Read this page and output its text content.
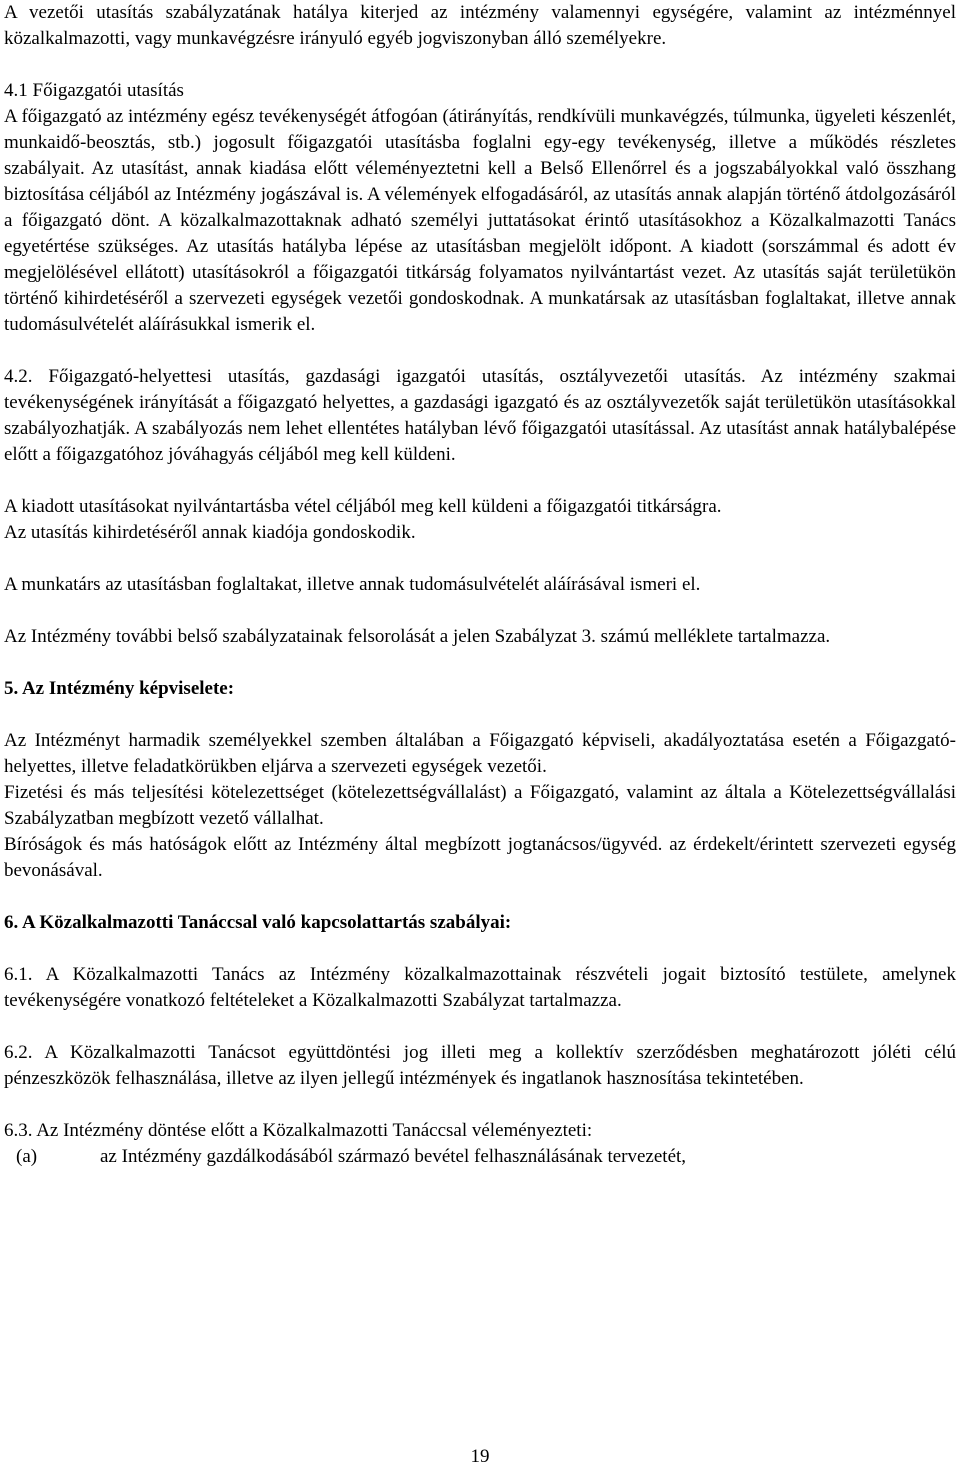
A vezetői utasítás szabályzatának hatálya kiterjed az intézmény valamennyi egységére, valamint az intézménnyel közalkalmazotti, vagy munkavégzésre irányuló egyéb jogviszonyban álló személyekre.

4.1 Főigazgatói utasítás

A főigazgató az intézmény egész tevékenységét átfogóan (átirányítás, rendkívüli munkavégzés, túlmunka, ügyeleti készenlét, munkaidő-beosztás, stb.) jogosult főigazgatói utasításba foglalni egy-egy tevékenység, illetve a működés részletes szabályait. Az utasítást, annak kiadása előtt véleményeztetni kell a Belső Ellenőrrel és a jogszabályokkal való összhang biztosítása céljából az Intézmény jogászával is. A vélemények elfogadásáról, az utasítás annak alapján történő átdolgozásáról a főigazgató dönt. A közalkalmazottaknak adható személyi juttatásokat érintő utasításokhoz a Közalkalmazotti Tanács egyetértése szükséges. Az utasítás hatályba lépése az utasításban megjelölt időpont. A kiadott (sorszámmal és adott év megjelölésével ellátott) utasításokról a főigazgatói titkárság folyamatos nyilvántartást vezet. Az utasítás saját területükön történő kihirdetéséről a szervezeti egységek vezetői gondoskodnak. A munkatársak az utasításban foglaltakat, illetve annak tudomásulvételét aláírásukkal ismerik el.

4.2. Főigazgató-helyettesi utasítás, gazdasági igazgatói utasítás, osztályvezetői utasítás. Az intézmény szakmai tevékenységének irányítását a főigazgató helyettes, a gazdasági igazgató és az osztályvezetők saját területükön utasításokkal szabályozhatják. A szabályozás nem lehet ellentétes hatályban lévő főigazgatói utasítással. Az utasítást annak hatálybalépése előtt a főigazgatóhoz jóváhagyás céljából meg kell küldeni.

A kiadott utasításokat nyilvántartásba vétel céljából meg kell küldeni a főigazgatói titkárságra.

Az utasítás kihirdetéséről annak kiadója gondoskodik.

A munkatárs az utasításban foglaltakat, illetve annak tudomásulvételét aláírásával ismeri el.

Az Intézmény további belső szabályzatainak felsorolását a jelen Szabályzat 3. számú melléklete tartalmazza.

5. Az Intézmény képviselete:

Az Intézményt harmadik személyekkel szemben általában a Főigazgató képviseli, akadályoztatása esetén a Főigazgató-helyettes, illetve feladatkörükben eljárva a szervezeti egységek vezetői.

Fizetési és más teljesítési kötelezettséget (kötelezettségvállalást) a Főigazgató, valamint az általa a Kötelezettségvállalási Szabályzatban megbízott vezető vállalhat.

Bíróságok és más hatóságok előtt az Intézmény által megbízott jogtanácsos/ügyvéd. az érdekelt/érintett szervezeti egység bevonásával.

6. A Közalkalmazotti Tanáccsal való kapcsolattartás szabályai:

6.1. A Közalkalmazotti Tanács az Intézmény közalkalmazottainak részvételi jogait biztosító testülete, amelynek tevékenységére vonatkozó feltételeket a Közalkalmazotti Szabályzat tartalmazza.

6.2. A Közalkalmazotti Tanácsot együttdöntési jog illeti meg a kollektív szerződésben meghatározott jóléti célú pénzeszközök felhasználása, illetve az ilyen jellegű intézmények és ingatlanok hasznosítása tekintetében.

6.3. Az Intézmény döntése előtt a Közalkalmazotti Tanáccsal véleményezteti:

(a)	az Intézmény gazdálkodásából származó bevétel felhasználásának tervezetét,
19
